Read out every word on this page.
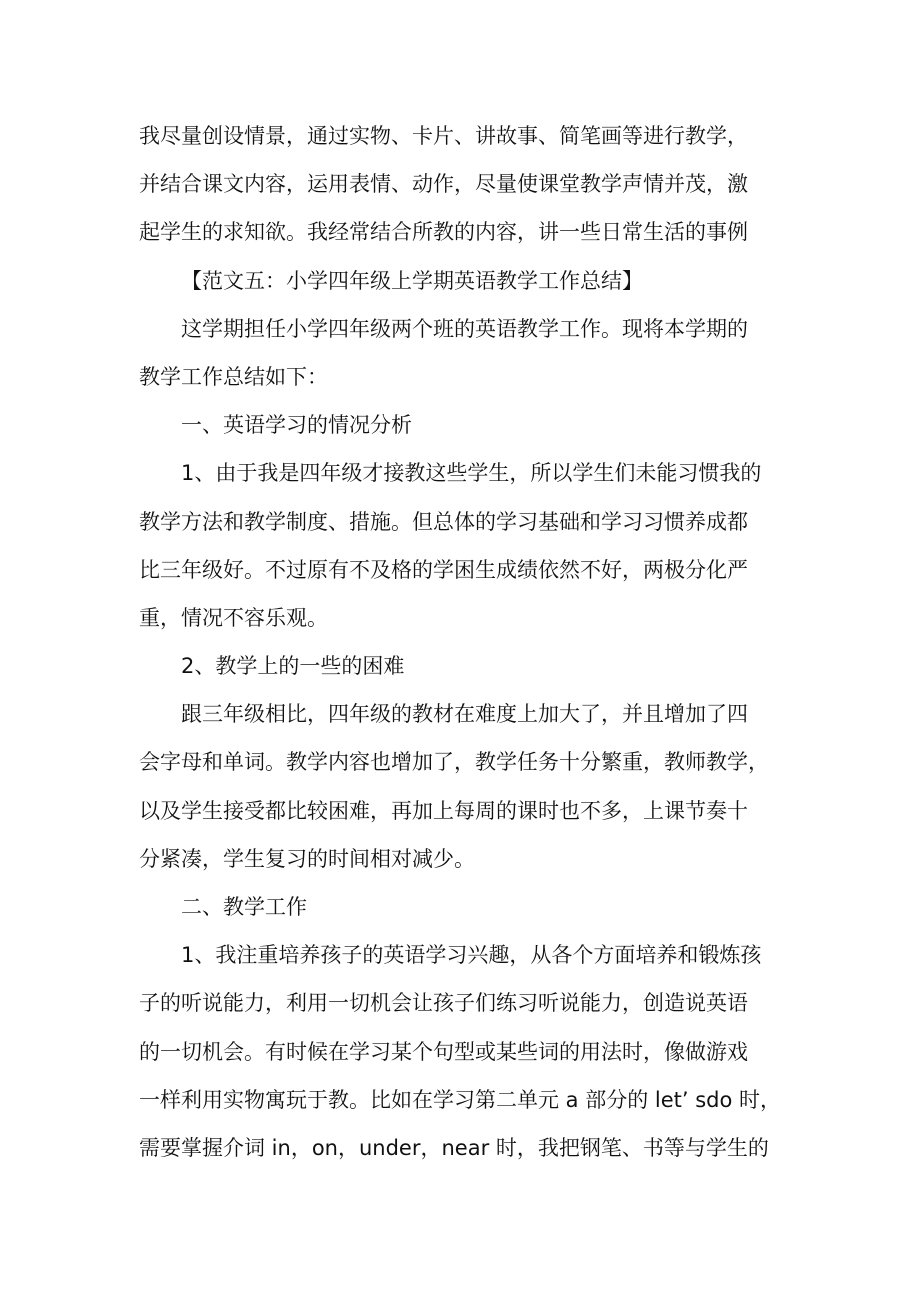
我尽量创设情景，通过实物、卡片、讲故事、简笔画等进行教学，
并结合课文内容，运用表情、动作，尽量使课堂教学声情并茂，激
起学生的求知欲。我经常结合所教的内容，讲一些日常生活的事例
【范文五：小学四年级上学期英语教学工作总结】
这学期担任小学四年级两个班的英语教学工作。现将本学期的
教学工作总结如下：
一、英语学习的情况分析
1、由于我是四年级才接教这些学生，所以学生们未能习惯我的
教学方法和教学制度、措施。但总体的学习基础和学习习惯养成都
比三年级好。不过原有不及格的学困生成绩依然不好，两极分化严
重，情况不容乐观。
2、教学上的一些的困难
跟三年级相比，四年级的教材在难度上加大了，并且增加了四
会字母和单词。教学内容也增加了，教学任务十分繁重，教师教学，
以及学生接受都比较困难，再加上每周的课时也不多，上课节奏十
分紧凑，学生复习的时间相对减少。
二、教学工作
1、我注重培养孩子的英语学习兴趣，从各个方面培养和锻炼孩
子的听说能力，利用一切机会让孩子们练习听说能力，创造说英语
的一切机会。有时候在学习某个句型或某些词的用法时，像做游戏
一样利用实物寓玩于教。比如在学习第二单元 a 部分的 let’ sdo 时，
需要掌握介词 in，on，under，near 时，我把钢笔、书等与学生的
